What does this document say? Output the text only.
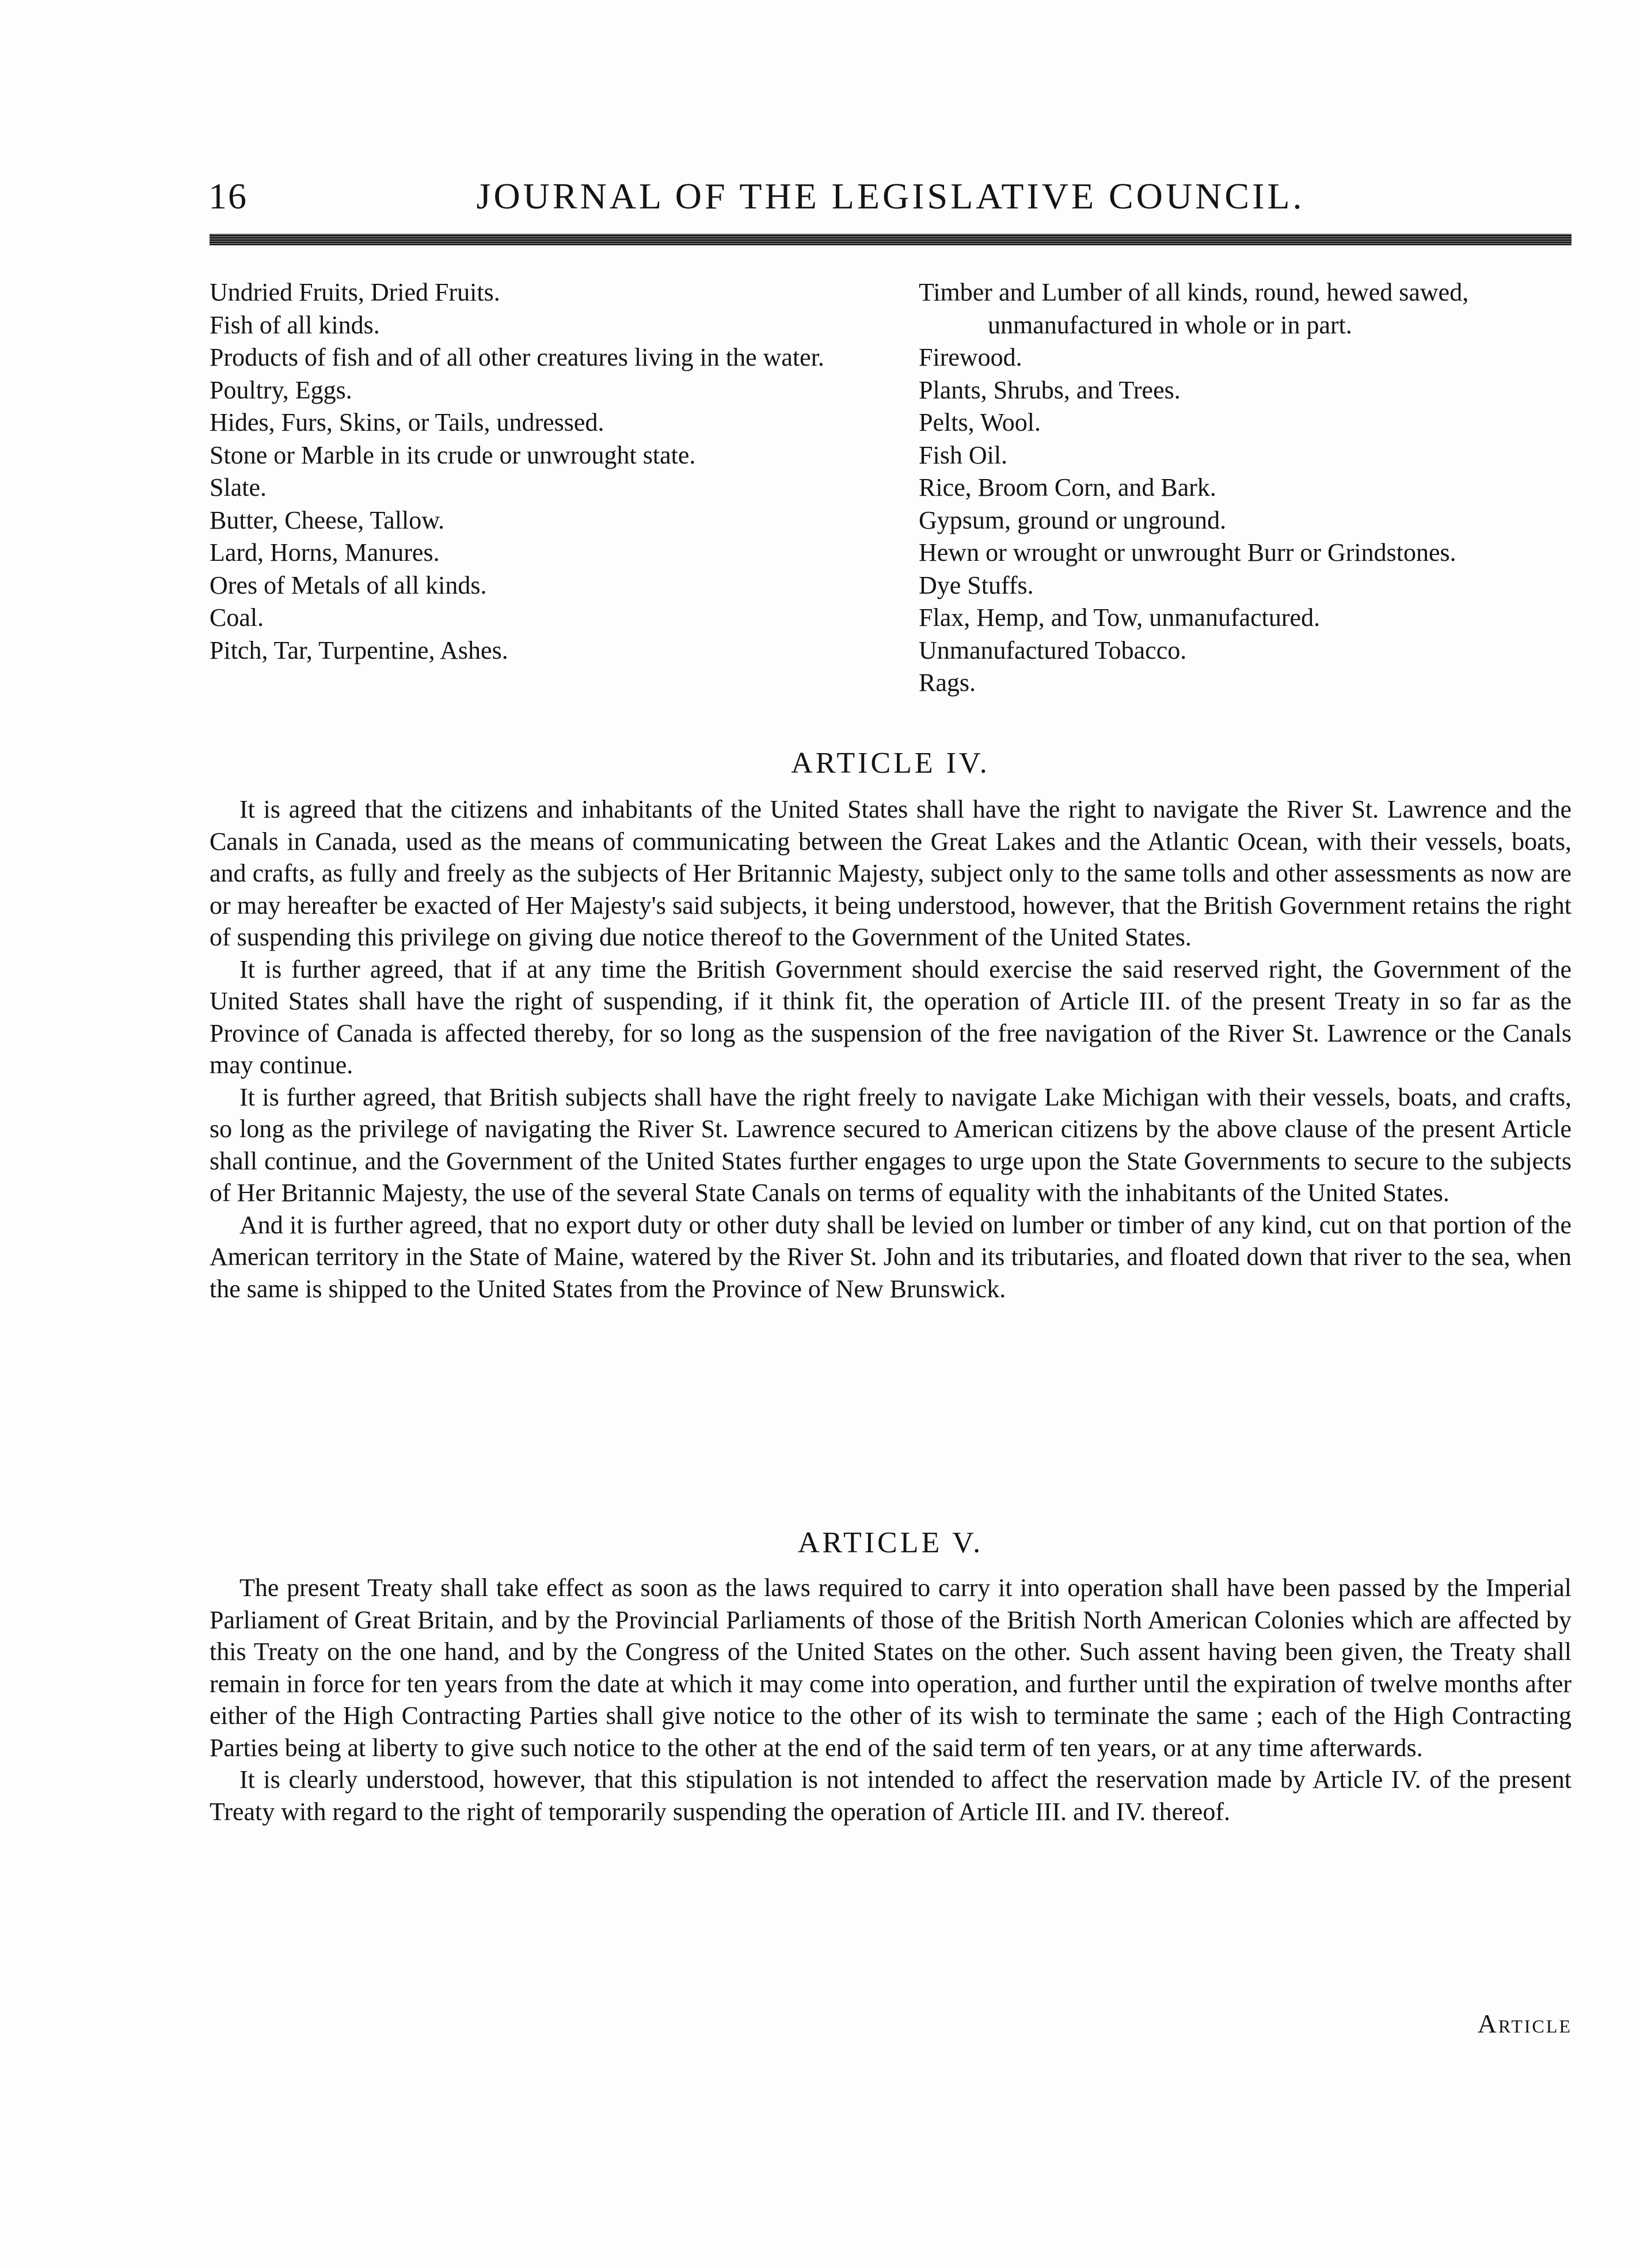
16	JOURNAL OF THE LEGISLATIVE COUNCIL.
Undried Fruits, Dried Fruits.
Fish of all kinds.
Products of fish and of all other creatures living in the water.
Poultry, Eggs.
Hides, Furs, Skins, or Tails, undressed.
Stone or Marble in its crude or unwrought state.
Slate.
Butter, Cheese, Tallow.
Lard, Horns, Manures.
Ores of Metals of all kinds.
Coal.
Pitch, Tar, Turpentine, Ashes.
Timber and Lumber of all kinds, round, hewed sawed, unmanufactured in whole or in part.
Firewood.
Plants, Shrubs, and Trees.
Pelts, Wool.
Fish Oil.
Rice, Broom Corn, and Bark.
Gypsum, ground or unground.
Hewn or wrought or unwrought Burr or Grindstones.
Dye Stuffs.
Flax, Hemp, and Tow, unmanufactured.
Unmanufactured Tobacco.
Rags.
ARTICLE IV.

It is agreed that the citizens and inhabitants of the United States shall have the right to navigate the River St. Lawrence and the Canals in Canada, used as the means of communicating between the Great Lakes and the Atlantic Ocean, with their vessels, boats, and crafts, as fully and freely as the subjects of Her Britannic Majesty, subject only to the same tolls and other assessments as now are or may hereafter be exacted of Her Majesty's said subjects, it being understood, however, that the British Government retains the right of suspending this privilege on giving due notice thereof to the Government of the United States.

It is further agreed, that if at any time the British Government should exercise the said reserved right, the Government of the United States shall have the right of suspending, if it think fit, the operation of Article III. of the present Treaty in so far as the Province of Canada is affected thereby, for so long as the suspension of the free navigation of the River St. Lawrence or the Canals may continue.

It is further agreed, that British subjects shall have the right freely to navigate Lake Michigan with their vessels, boats, and crafts, so long as the privilege of navigating the River St. Lawrence secured to American citizens by the above clause of the present Article shall continue, and the Government of the United States further engages to urge upon the State Governments to secure to the subjects of Her Britannic Majesty, the use of the several State Canals on terms of equality with the inhabitants of the United States.

And it is further agreed, that no export duty or other duty shall be levied on lumber or timber of any kind, cut on that portion of the American territory in the State of Maine, watered by the River St. John and its tributaries, and floated down that river to the sea, when the same is shipped to the United States from the Province of New Brunswick.

ARTICLE V.

The present Treaty shall take effect as soon as the laws required to carry it into operation shall have been passed by the Imperial Parliament of Great Britain, and by the Provincial Parliaments of those of the British North American Colonies which are affected by this Treaty on the one hand, and by the Congress of the United States on the other. Such assent having been given, the Treaty shall remain in force for ten years from the date at which it may come into operation, and further until the expiration of twelve months after either of the High Contracting Parties shall give notice to the other of its wish to terminate the same ; each of the High Contracting Parties being at liberty to give such notice to the other at the end of the said term of ten years, or at any time afterwards.

It is clearly understood, however, that this stipulation is not intended to affect the reservation made by Article IV. of the present Treaty with regard to the right of temporarily suspending the operation of Article III. and IV. thereof.

Article
